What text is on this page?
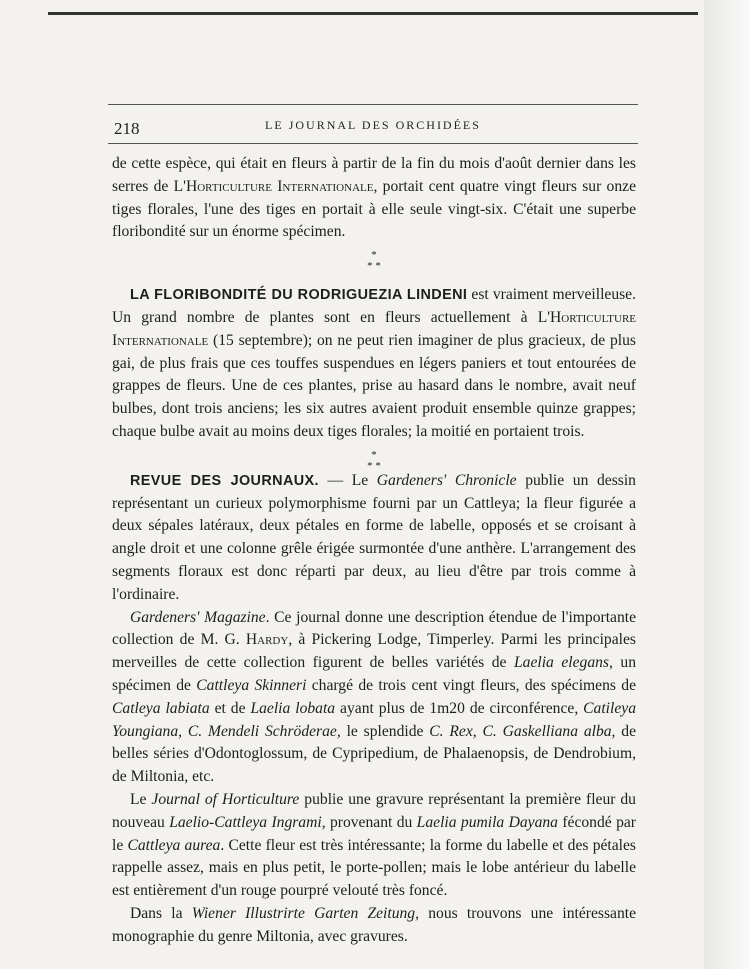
218	LE JOURNAL DES ORCHIDÉES

de cette espèce, qui était en fleurs à partir de la fin du mois d'août dernier dans les serres de L'Horticulture Internationale, portait cent quatre vingt fleurs sur onze tiges florales, l'une des tiges en portait à elle seule vingt-six. C'était une superbe floribondité sur un énorme spécimen.

*
* *

LA FLORIBONDITÉ DU RODRIGUEZIA LINDENI est vraiment merveilleuse. Un grand nombre de plantes sont en fleurs actuellement à L'Horticulture Internationale (15 septembre); on ne peut rien imaginer de plus gracieux, de plus gai, de plus frais que ces touffes suspendues en légers paniers et tout entourées de grappes de fleurs. Une de ces plantes, prise au hasard dans le nombre, avait neuf bulbes, dont trois anciens; les six autres avaient produit ensemble quinze grappes; chaque bulbe avait au moins deux tiges florales; la moitié en portaient trois.

*
* *

REVUE DES JOURNAUX. — Le Gardeners' Chronicle publie un dessin représentant un curieux polymorphisme fourni par un Cattleya; la fleur figurée a deux sépales latéraux, deux pétales en forme de labelle, opposés et se croisant à angle droit et une colonne grêle érigée surmontée d'une anthère. L'arrangement des segments floraux est donc réparti par deux, au lieu d'être par trois comme à l'ordinaire.

Gardeners' Magazine. Ce journal donne une description étendue de l'importante collection de M. G. Hardy, à Pickering Lodge, Timperley. Parmi les principales merveilles de cette collection figurent de belles variétés de Laelia elegans, un spécimen de Cattleya Skinneri chargé de trois cent vingt fleurs, des spécimens de Catleya labiata et de Laelia lobata ayant plus de 1m20 de circonférence, Catileya Youngiana, C. Mendeli Schröderae, le splendide C. Rex, C. Gaskelliana alba, de belles séries d'Odontoglossum, de Cypripedium, de Phalaenopsis, de Dendrobium, de Miltonia, etc.

Le Journal of Horticulture publie une gravure représentant la première fleur du nouveau Laelio-Cattleya Ingrami, provenant du Laelia pumila Dayana fécondé par le Cattleya aurea. Cette fleur est très intéressante; la forme du labelle et des pétales rappelle assez, mais en plus petit, le porte-pollen; mais le lobe antérieur du labelle est entièrement d'un rouge pourpré velouté très foncé.

Dans la Wiener Illustrirte Garten Zeitung, nous trouvons une intéressante monographie du genre Miltonia, avec gravures.
